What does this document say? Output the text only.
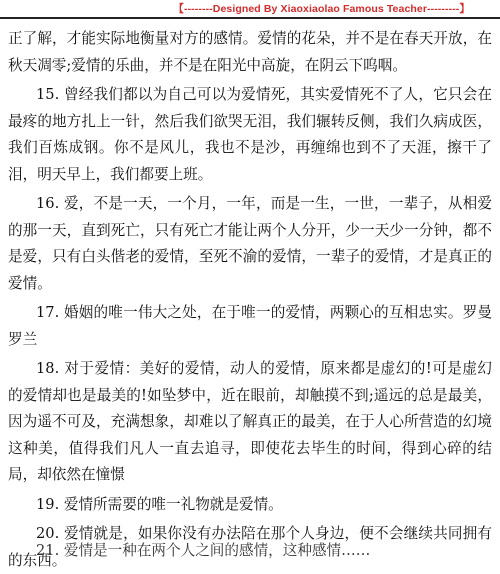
【--------Designed By Xiaoxiaolao Famous Teacher---------】

正了解，才能实际地衡量对方的感情。爱情的花朵，并不是在春天开放，在秋天凋零;爱情的乐曲，并不是在阳光中高旋，在阴云下呜咽。

15. 曾经我们都以为自己可以为爱情死，其实爱情死不了人，它只会在最疼的地方扎上一针，然后我们欲哭无泪，我们辗转反侧，我们久病成医，我们百炼成钢。你不是风儿，我也不是沙，再缠绵也到不了天涯，擦干了泪，明天早上，我们都要上班。

16. 爱，不是一天，一个月，一年，而是一生，一世，一辈子，从相爱的那一天，直到死亡，只有死亡才能让两个人分开，少一天少一分钟，都不是爱，只有白头偕老的爱情，至死不渝的爱情，一辈子的爱情，才是真正的爱情。

17. 婚姻的唯一伟大之处，在于唯一的爱情，两颗心的互相忠实。罗曼罗兰

18. 对于爱情：美好的爱情，动人的爱情，原来都是虚幻的!可是虚幻的爱情却也是最美的!如坠梦中，近在眼前，却触摸不到;遥远的总是最美，因为遥不可及，充满想象，却难以了解真正的最美，在于人心所营造的幻境这种美，值得我们凡人一直去追寻，即使花去毕生的时间，得到心碎的结局，却依然在憧憬

19. 爱情所需要的唯一礼物就是爱情。

20. 爱情就是，如果你没有办法陪在那个人身边，便不会继续共同拥有的东西。

21. 爱情是一种在两个人之间的感情，这种感情……
